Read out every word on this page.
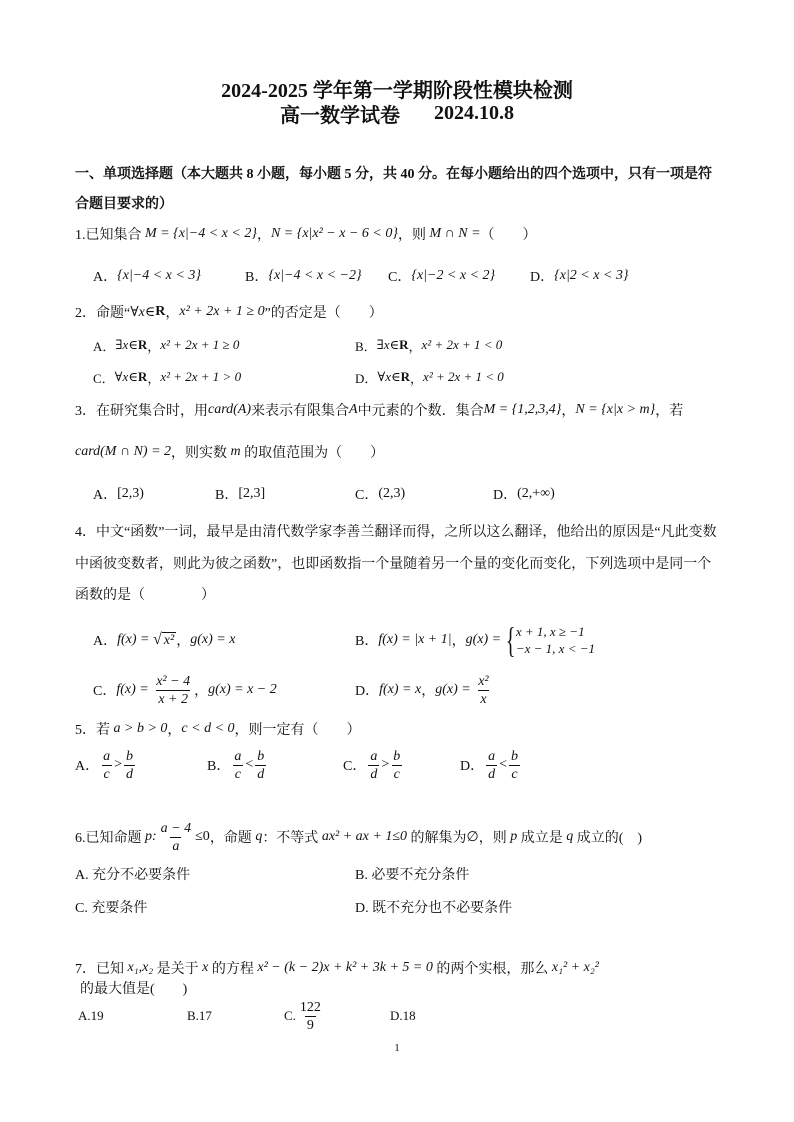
2024-2025 学年第一学期阶段性模块检测
高一数学试卷 2024.10.8
一、单项选择题（本大题共 8 小题，每小题 5 分，共 40 分。在每小题给出的四个选项中，只有一项是符
合题目要求的）
1.已知集合 M = {x|−4 < x < 2} ， N = {x|x² − x − 6 < 0} ，则 M ∩ N = （　　）
A． {x|−4 < x < 3}	B． {x|−4 < x < −2} C． {x|−2 < x < 2} D． {x|2 < x < 3}
2．命题“ ∀x∈ R ， x² + 2x + 1 ≥ 0 ”的否定是（　　）
A． ∃x∈ R ， x² + 2x + 1 ≥ 0	B． ∃x∈ R ， x² + 2x + 1 < 0
C． ∀x∈ R ， x² + 2x + 1 > 0	D． ∀x∈ R ， x² + 2x + 1 < 0
3．在研究集合时，用 card(A) 来表示有限集合 A 中元素的个数．集合 M = {1,2,3,4} ， N = {x|x > m} ，若
card(M ∩ N) = 2 ，则实数 m 的取值范围为（　　）
A． [2,3)	B． [2,3]	C． (2,3)	D． (2,+∞)
4．中文“函数”一词，最早是由清代数学家李善兰翻译而得，之所以这么翻译，他给出的原因是“凡此变数
中函彼变数者，则此为彼之函数”，也即函数指一个量随着另一个量的变化而变化，下列选项中是同一个
函数的是（　　　　）
A． f(x) = √ x² ， g(x) = x	B． f(x) = |x + 1| ， g(x) = { x + 1, x ≥ −1
−x − 1, x < −1
C． $f(x) = \frac{\text{x² − 4}}{x + 2}$ ， g(x) = x − 2	D． f(x) = x ， $g(x) = \frac{\text{x²}}{x}$
5．若 a > b > 0 ， c < d < 0 ，则一定有（　　）
A． $\frac{a}{c} > \frac{b}{d}$	B． $\frac{a}{c} < \frac{b}{d}$	C． $\frac{a}{d} > \frac{b}{c}$	D． $\frac{a}{d} < \frac{b}{c}$
6.已知命题 p: $\frac{a - 4}{a} \le 0$ ，命题 q ：不等式 ax² + ax + 1≤0 的解集为 ∅ ，则 p 成立是 q 成立的(　)
A. 充分不必要条件	B. 必要不充分条件
C. 充要条件	D. 既不充分也不必要条件
7．已知 x₁,x₂ 是关于 x 的方程 x² − (k − 2)x + k² + 3k + 5 = 0 的两个实根，那么 x₁² + x₂²
的最大值是(　　)
A.19	B.17	C. $\frac{122}{9}$	D.18
1
